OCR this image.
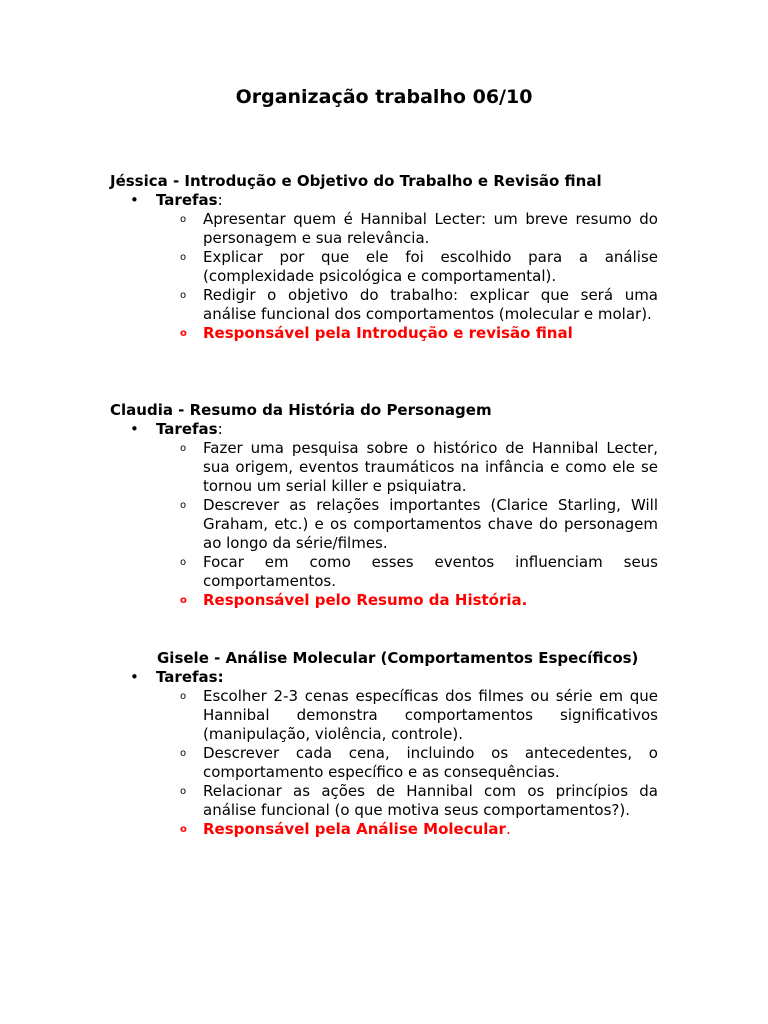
Organização trabalho 06/10

Jéssica - Introdução e Objetivo do Trabalho e Revisão final

• Tarefas:

o Apresentar quem é Hannibal Lecter: um breve resumo do personagem e sua relevância.
o Explicar por que ele foi escolhido para a análise (complexidade psicológica e comportamental).
o Redigir o objetivo do trabalho: explicar que será uma análise funcional dos comportamentos (molecular e molar).
o Responsável pela Introdução e revisão final

Claudia - Resumo da História do Personagem

• Tarefas:

o Fazer uma pesquisa sobre o histórico de Hannibal Lecter, sua origem, eventos traumáticos na infância e como ele se tornou um serial killer e psiquiatra.
o Descrever as relações importantes (Clarice Starling, Will Graham, etc.) e os comportamentos chave do personagem ao longo da série/filmes.
o Focar em como esses eventos influenciam seus comportamentos.
o Responsável pelo Resumo da História.

Gisele - Análise Molecular (Comportamentos Específicos)

• Tarefas:

o Escolher 2-3 cenas específicas dos filmes ou série em que Hannibal demonstra comportamentos significativos (manipulação, violência, controle).
o Descrever cada cena, incluindo os antecedentes, o comportamento específico e as consequências.
o Relacionar as ações de Hannibal com os princípios da análise funcional (o que motiva seus comportamentos?).
o Responsável pela Análise Molecular.
